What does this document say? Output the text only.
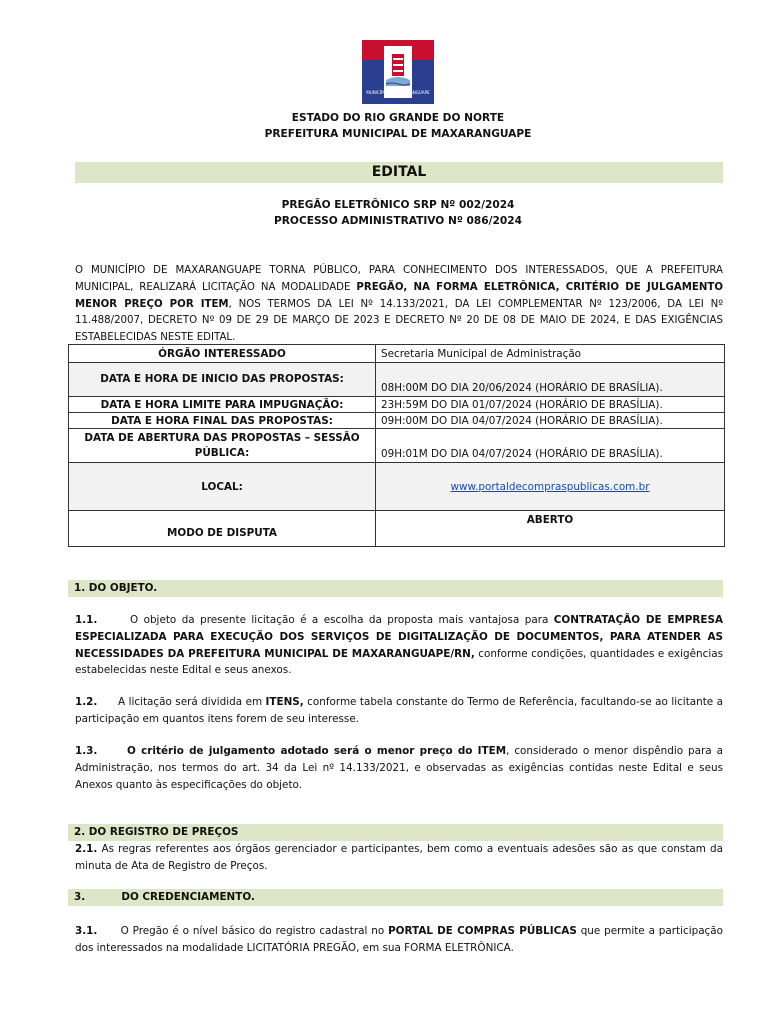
MUNICÍPIO DE MAXARANGUAPE
ESTADO DO RIO GRANDE DO NORTE
PREFEITURA MUNICIPAL DE MAXARANGUAPE
EDITAL
PREGÃO ELETRÔNICO SRP Nº 002/2024
PROCESSO ADMINISTRATIVO Nº 086/2024
O MUNICÍPIO DE MAXARANGUAPE TORNA PÚBLICO, PARA CONHECIMENTO DOS INTERESSADOS, QUE A PREFEITURA MUNICIPAL, REALIZARÁ LICITAÇÃO NA MODALIDADE PREGÃO, NA FORMA ELETRÔNICA, CRITÉRIO DE JULGAMENTO MENOR PREÇO POR ITEM, NOS TERMOS DA LEI Nº 14.133/2021, DA LEI COMPLEMENTAR Nº 123/2006, DA LEI Nº 11.488/2007, DECRETO Nº 09 DE 29 DE MARÇO DE 2023 E DECRETO Nº 20 DE 08 DE MAIO DE 2024, E DAS EXIGÊNCIAS ESTABELECIDAS NESTE EDITAL.
ÓRGÃO INTERESSADO	Secretaria Municipal de Administração
DATA E HORA DE INICIO DAS PROPOSTAS:	08H:00M DO DIA 20/06/2024 (HORÁRIO DE BRASÍLIA).
DATA E HORA LIMITE PARA IMPUGNAÇÃO:	23H:59M DO DIA 01/07/2024 (HORÁRIO DE BRASÍLIA).
DATA E HORA FINAL DAS PROPOSTAS:	09H:00M DO DIA 04/07/2024 (HORÁRIO DE BRASÍLIA).
DATA DE ABERTURA DAS PROPOSTAS – SESSÃO PÚBLICA:	09H:01M DO DIA 04/07/2024 (HORÁRIO DE BRASÍLIA).
LOCAL:	www.portaldecompraspublicas.com.br
MODO DE DISPUTA	ABERTO
1. DO OBJETO.
1.1.	O objeto da presente licitação é a escolha da proposta mais vantajosa para CONTRATAÇÃO DE EMPRESA ESPECIALIZADA PARA EXECUÇÃO DOS SERVIÇOS DE DIGITALIZAÇÃO DE DOCUMENTOS, PARA ATENDER AS NECESSIDADES DA PREFEITURA MUNICIPAL DE MAXARANGUAPE/RN, conforme condições, quantidades e exigências estabelecidas neste Edital e seus anexos.
1.2. A licitação será dividida em ITENS, conforme tabela constante do Termo de Referência, facultando-se ao licitante a participação em quantos itens forem de seu interesse.
1.3.	O critério de julgamento adotado será o menor preço do ITEM, considerado o menor dispêndio para a Administração, nos termos do art. 34 da Lei nº 14.133/2021, e observadas as exigências contidas neste Edital e seus Anexos quanto às especificações do objeto.
2. DO REGISTRO DE PREÇOS
2.1. As regras referentes aos órgãos gerenciador e participantes, bem como a eventuais adesões são as que constam da minuta de Ata de Registro de Preços.
3.          DO CREDENCIAMENTO.
3.1. O Pregão é o nível básico do registro cadastral no PORTAL DE COMPRAS PÚBLICAS que permite a participação dos interessados na modalidade LICITATÓRIA PREGÃO, em sua FORMA ELETRÔNICA.
